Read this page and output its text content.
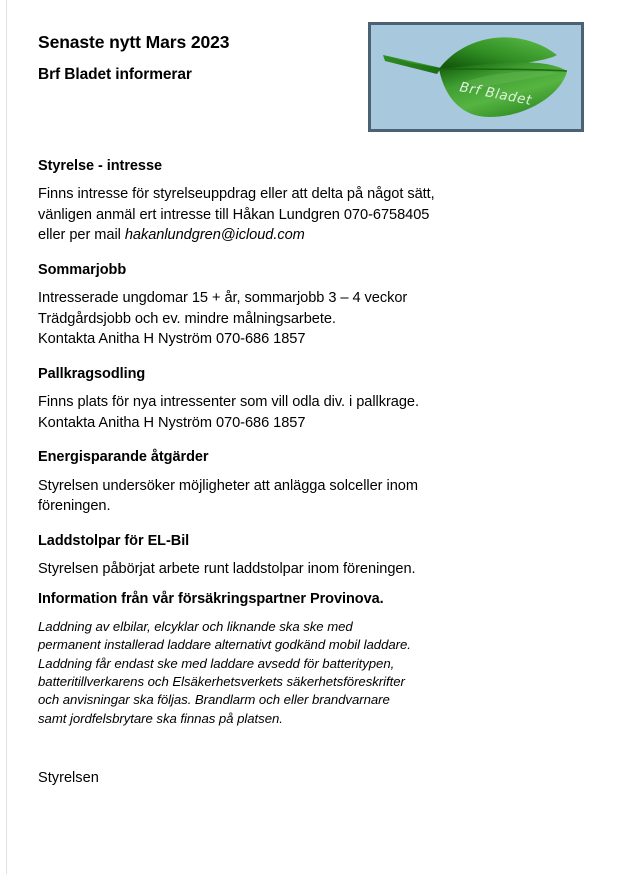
Senaste nytt Mars 2023
Brf Bladet informerar
Brf Bladet
Styrelse - intresse

Finns intresse för styrelseuppdrag eller att delta på något sätt,
vänligen anmäl ert intresse till Håkan Lundgren 070-6758405
eller per mail hakanlundgren@icloud.com

Sommarjobb

Intresserade ungdomar 15 + år, sommarjobb 3 – 4 veckor
Trädgårdsjobb och ev. mindre målningsarbete.
Kontakta Anitha H Nyström 070-686 1857

Pallkragsodling

Finns plats för nya intressenter som vill odla div. i pallkrage.
Kontakta Anitha H Nyström 070-686 1857

Energisparande åtgärder

Styrelsen undersöker möjligheter att anlägga solceller inom
föreningen.

Laddstolpar för EL-Bil

Styrelsen påbörjat arbete runt laddstolpar inom föreningen.

Information från vår försäkringspartner Provinova.

Laddning av elbilar, elcyklar och liknande ska ske med
permanent installerad laddare alternativt godkänd mobil laddare.
Laddning får endast ske med laddare avsedd för batteritypen,
batteritillverkarens och Elsäkerhetsverkets säkerhetsföreskrifter
och anvisningar ska följas. Brandlarm och eller brandvarnare
samt jordfelsbrytare ska finnas på platsen.

Styrelsen
